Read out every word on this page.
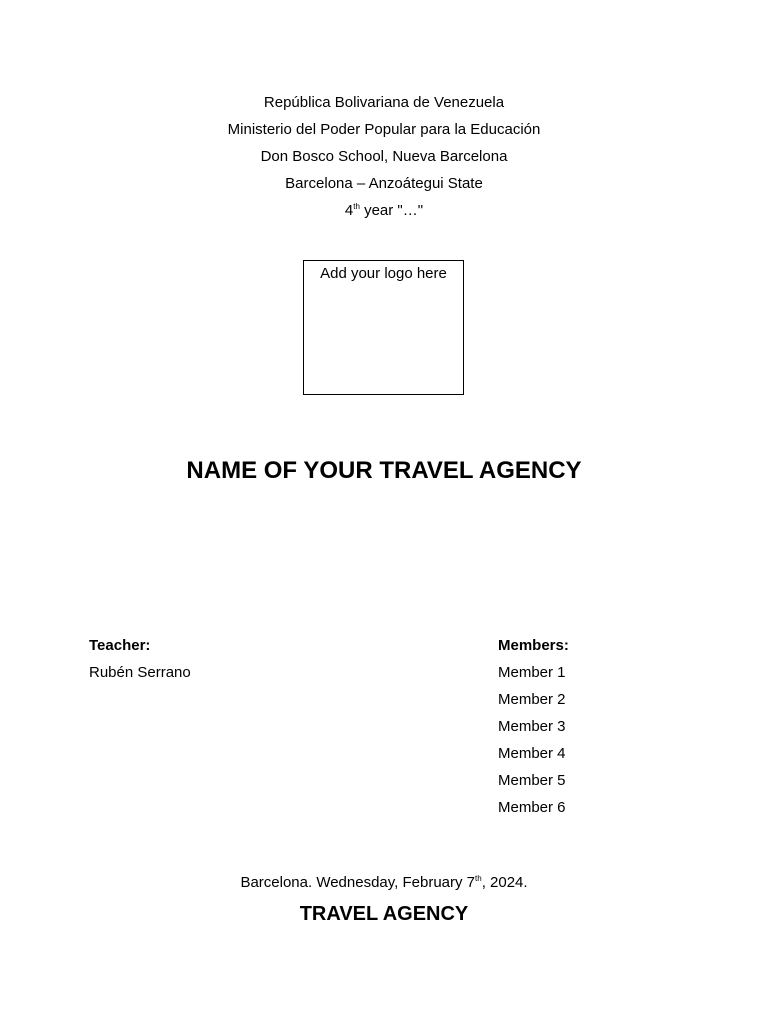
República Bolivariana de Venezuela
Ministerio del Poder Popular para la Educación
Don Bosco School, Nueva Barcelona
Barcelona – Anzoátegui State
4th year "…"
Add your logo here
NAME OF YOUR TRAVEL AGENCY
Teacher:
Rubén Serrano
Members:
Member 1
Member 2
Member 3
Member 4
Member 5
Member 6
Barcelona. Wednesday, February 7th, 2024.
TRAVEL AGENCY
